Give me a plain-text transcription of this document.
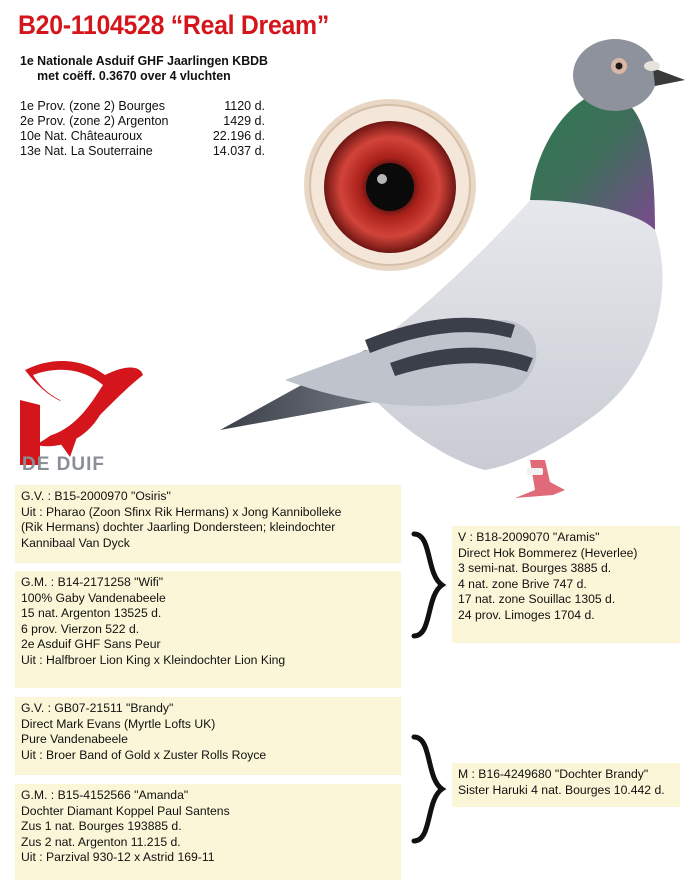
B20-1104528 “Real Dream”
1e Nationale Asduif GHF Jaarlingen KBDB
met coëff. 0.3670 over 4 vluchten
1e Prov. (zone 2) Bourges	1120 d.
2e Prov. (zone 2) Argenton	1429 d.
10e Nat. Châteauroux	22.196 d.
13e Nat. La Souterraine	14.037 d.
DE DUIF
G.V. : B15-2000970 "Osiris"
Uit : Pharao (Zoon Sfinx Rik Hermans) x Jong Kannibolleke
(Rik Hermans) dochter Jaarling Dondersteen; kleindochter
Kannibaal Van Dyck
G.M. : B14-2171258 "Wifi"
100% Gaby Vandenabeele
15 nat. Argenton 13525 d.
6 prov. Vierzon 522 d.
2e Asduif GHF Sans Peur
Uit : Halfbroer Lion King x Kleindochter Lion King
V : B18-2009070 "Aramis"
Direct Hok Bommerez (Heverlee)
3 semi-nat. Bourges 3885 d.
4 nat. zone Brive 747 d.
17 nat. zone Souillac 1305 d.
24 prov. Limoges 1704 d.
G.V. : GB07-21511 "Brandy"
Direct Mark Evans (Myrtle Lofts UK)
Pure Vandenabeele
Uit : Broer Band of Gold x Zuster Rolls Royce
G.M. : B15-4152566 "Amanda"
Dochter Diamant Koppel Paul Santens
Zus 1 nat. Bourges 193885 d.
Zus 2 nat. Argenton 11.215 d.
Uit : Parzival 930-12 x Astrid 169-11
M : B16-4249680 "Dochter Brandy"
Sister Haruki 4 nat. Bourges 10.442 d.
